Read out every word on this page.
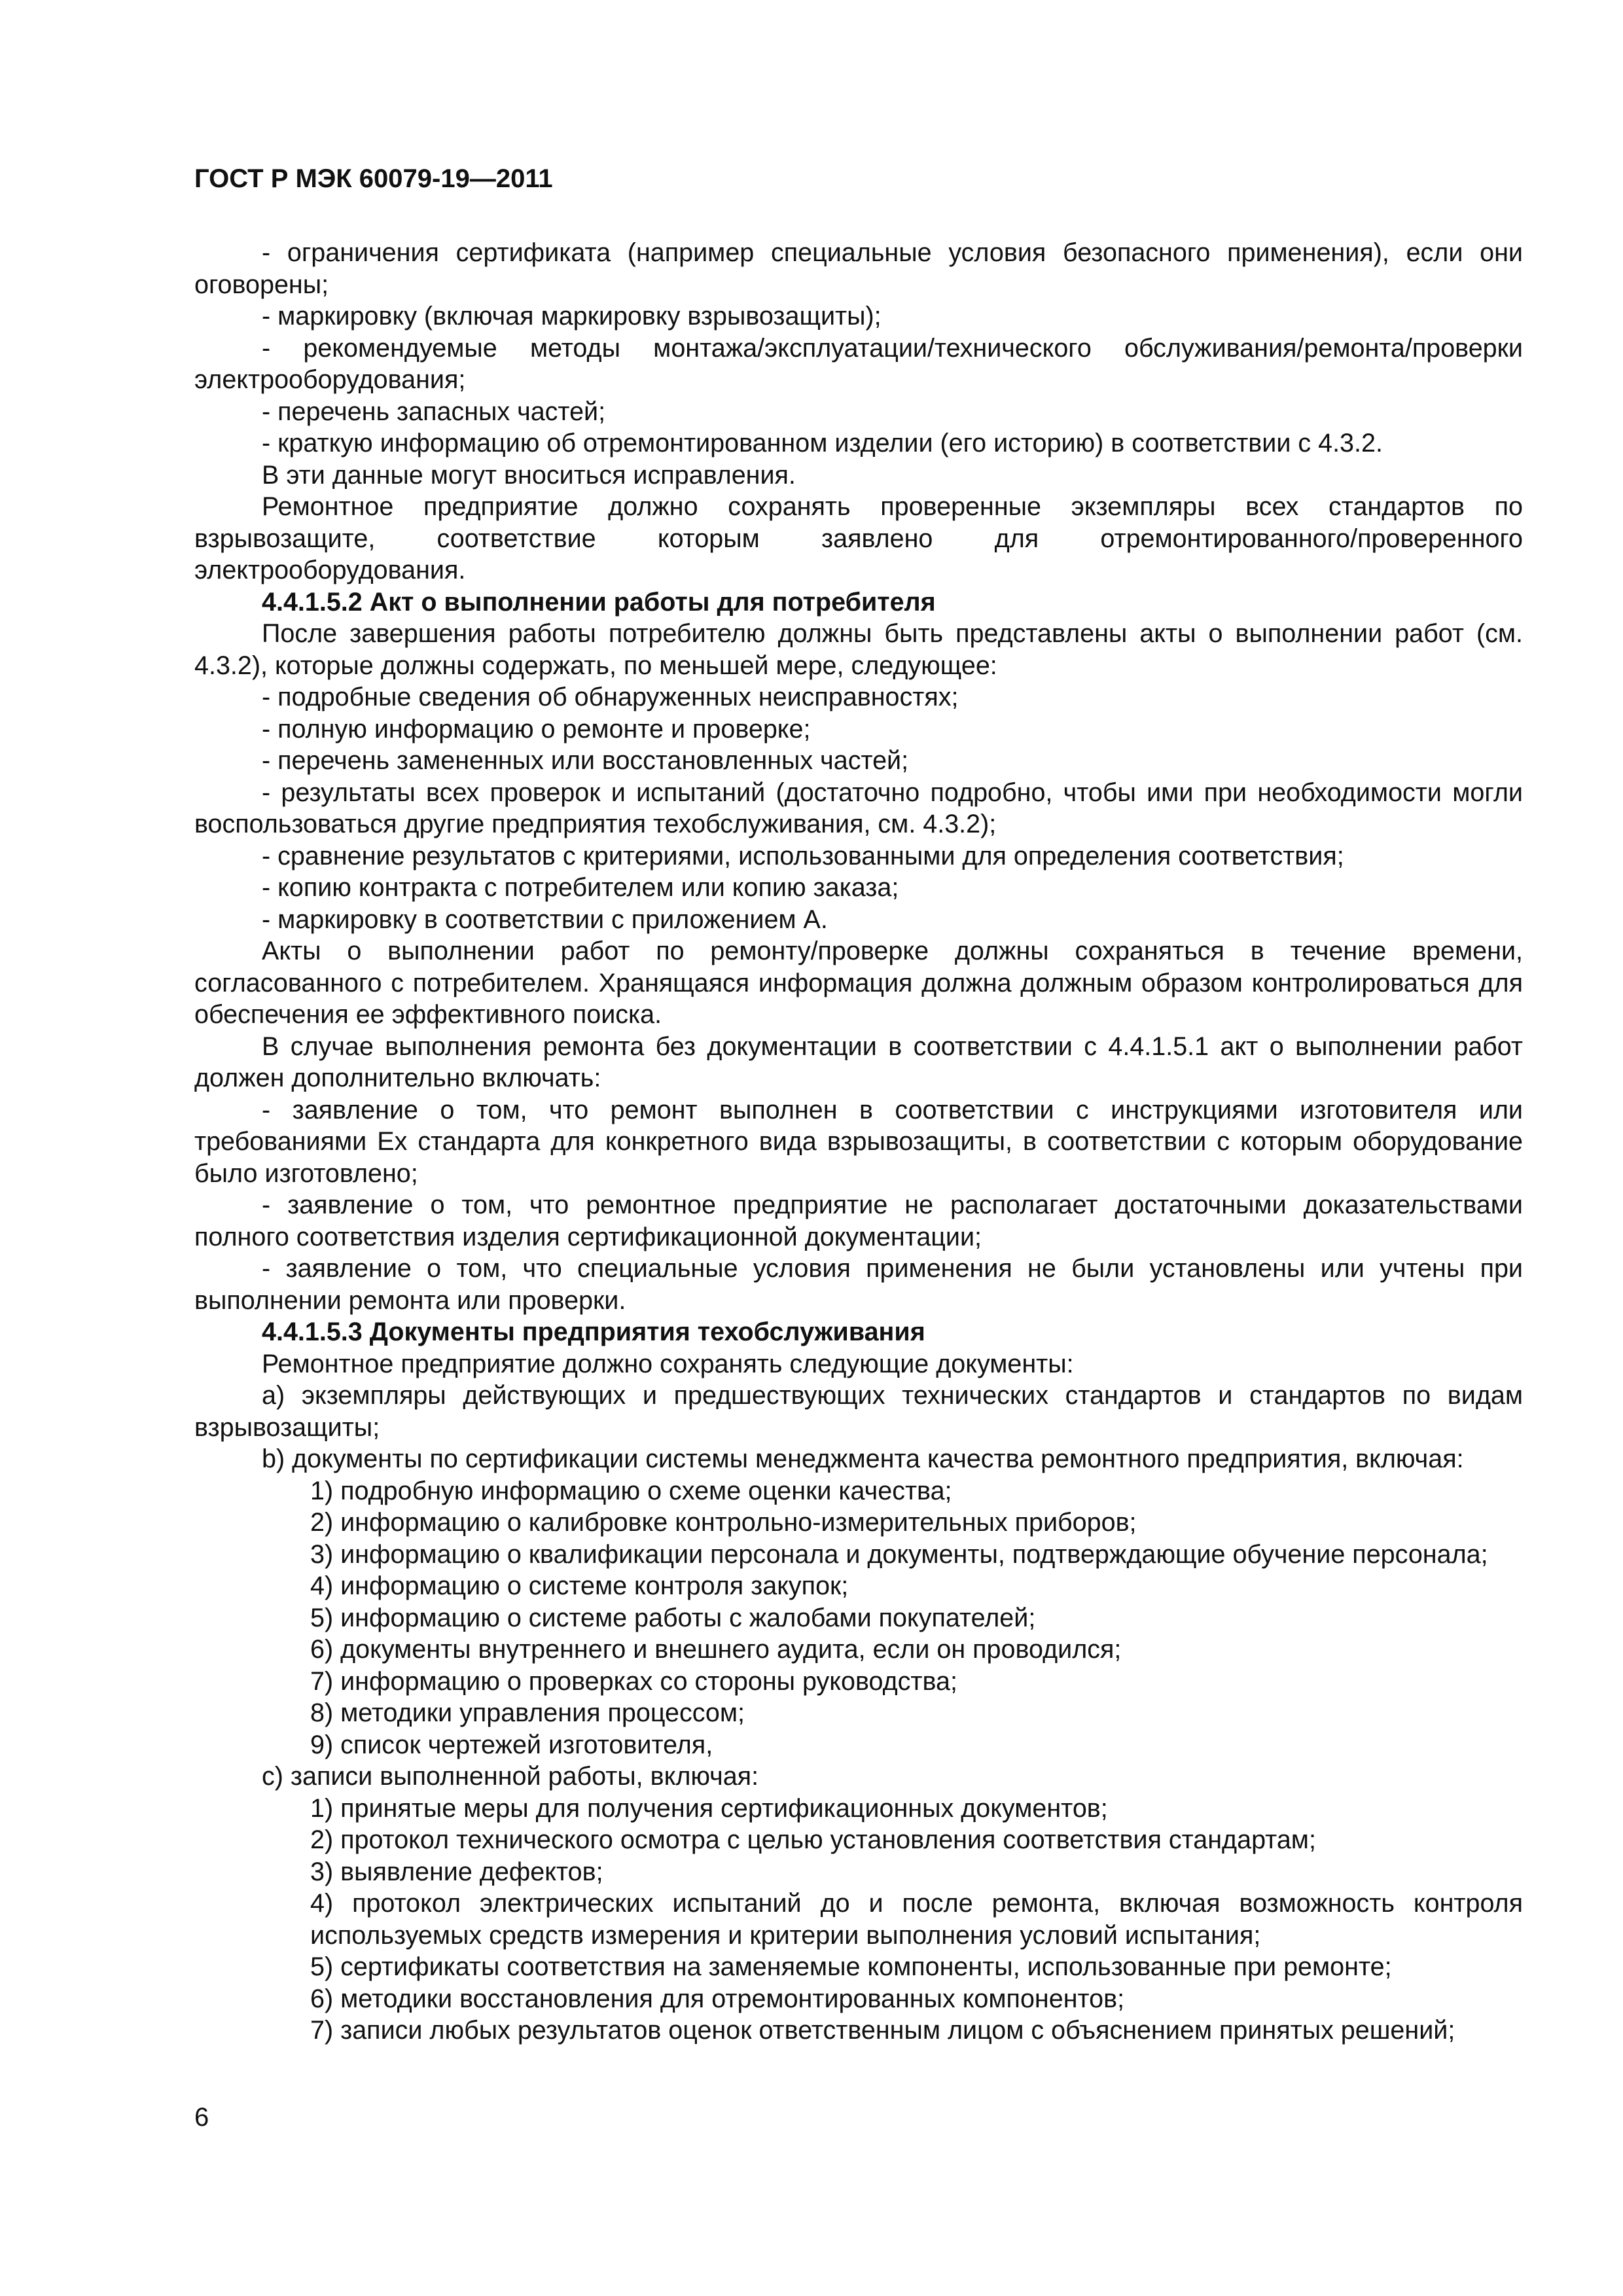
ГОСТ Р МЭК 60079-19—2011
- ограничения сертификата (например специальные условия безопасного применения), если они оговорены;
- маркировку (включая маркировку взрывозащиты);
- рекомендуемые методы монтажа/эксплуатации/технического обслуживания/ремонта/проверки электрооборудования;
- перечень запасных частей;
- краткую информацию об отремонтированном изделии (его историю) в соответствии с 4.3.2.
В эти данные могут вноситься исправления.
Ремонтное предприятие должно сохранять проверенные экземпляры всех стандартов по взрывозащите, соответствие которым заявлено для отремонтированного/проверенного электрооборудования.
4.4.1.5.2 Акт о выполнении работы для потребителя
После завершения работы потребителю должны быть представлены акты о выполнении работ (см. 4.3.2), которые должны содержать, по меньшей мере, следующее:
- подробные сведения об обнаруженных неисправностях;
- полную информацию о ремонте и проверке;
- перечень замененных или восстановленных частей;
- результаты всех проверок и испытаний (достаточно подробно, чтобы ими при необходимости могли воспользоваться другие предприятия техобслуживания, см. 4.3.2);
- сравнение результатов с критериями, использованными для определения соответствия;
- копию контракта с потребителем или копию заказа;
- маркировку в соответствии с приложением А.
Акты о выполнении работ по ремонту/проверке должны сохраняться в течение времени, согласованного с потребителем. Хранящаяся информация должна должным образом контролироваться для обеспечения ее эффективного поиска.
В случае выполнения ремонта без документации в соответствии с 4.4.1.5.1 акт о выполнении работ должен дополнительно включать:
- заявление о том, что ремонт выполнен в соответствии с инструкциями изготовителя или требованиями Ex стандарта для конкретного вида взрывозащиты, в соответствии с которым оборудование было изготовлено;
- заявление о том, что ремонтное предприятие не располагает достаточными доказательствами полного соответствия изделия сертификационной документации;
- заявление о том, что специальные условия применения не были установлены или учтены при выполнении ремонта или проверки.
4.4.1.5.3 Документы предприятия техобслуживания
Ремонтное предприятие должно сохранять следующие документы:
a) экземпляры действующих и предшествующих технических стандартов и стандартов по видам взрывозащиты;
b) документы по сертификации системы менеджмента качества ремонтного предприятия, включая:
1) подробную информацию о схеме оценки качества;
2) информацию о калибровке контрольно-измерительных приборов;
3) информацию о квалификации персонала и документы, подтверждающие обучение персонала;
4) информацию о системе контроля закупок;
5) информацию о системе работы с жалобами покупателей;
6) документы внутреннего и внешнего аудита, если он проводился;
7) информацию о проверках со стороны руководства;
8) методики управления процессом;
9) список чертежей изготовителя,
c) записи выполненной работы, включая:
1) принятые меры для получения сертификационных документов;
2) протокол технического осмотра с целью установления соответствия стандартам;
3) выявление дефектов;
4) протокол электрических испытаний до и после ремонта, включая возможность контроля используемых средств измерения и критерии выполнения условий испытания;
5) сертификаты соответствия на заменяемые компоненты, использованные при ремонте;
6) методики восстановления для отремонтированных компонентов;
7) записи любых результатов оценок ответственным лицом с объяснением принятых решений;
6
